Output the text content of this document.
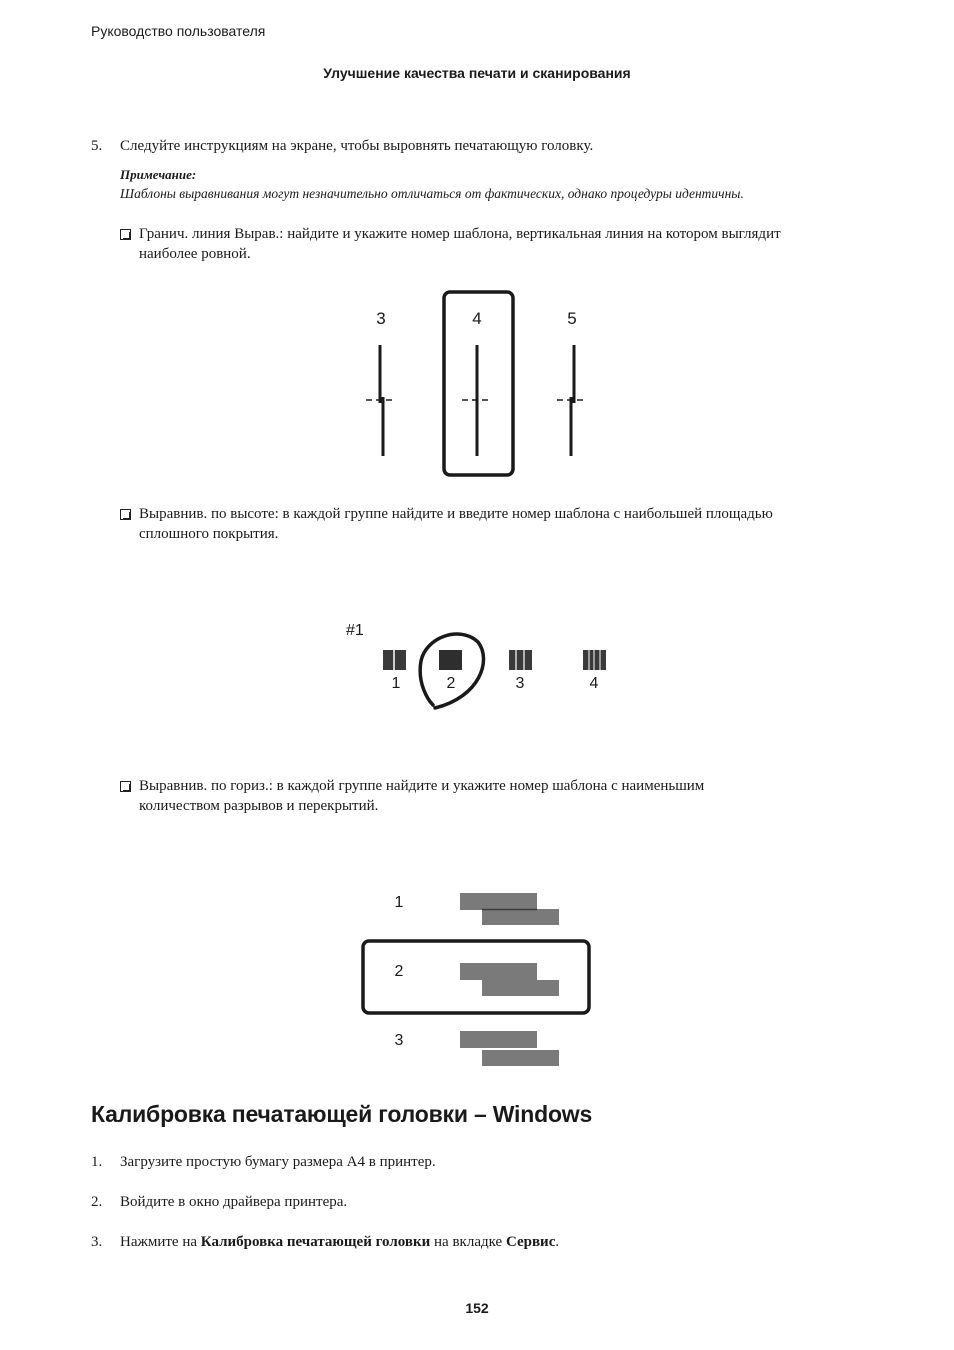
Руководство пользователя
Улучшение качества печати и сканирования
5. Следуйте инструкциям на экране, чтобы выровнять печатающую головку.
Примечание:
Шаблоны выравнивания могут незначительно отличаться от фактических, однако процедуры идентичны.
Гранич. линия Вырав.: найдите и укажите номер шаблона, вертикальная линия на котором выглядит
наиболее ровной.
3	4	5
Выравнив. по высоте: в каждой группе найдите и введите номер шаблона с наибольшей площадью
сплошного покрытия.
#1
1	2	3	4
Выравнив. по гориз.: в каждой группе найдите и укажите номер шаблона с наименьшим
количеством разрывов и перекрытий.
1
2
3
Калибровка печатающей головки – Windows
1. Загрузите простую бумагу размера A4 в принтер.
2. Войдите в окно драйвера принтера.
3. Нажмите на Калибровка печатающей головки на вкладке Сервис.
152
